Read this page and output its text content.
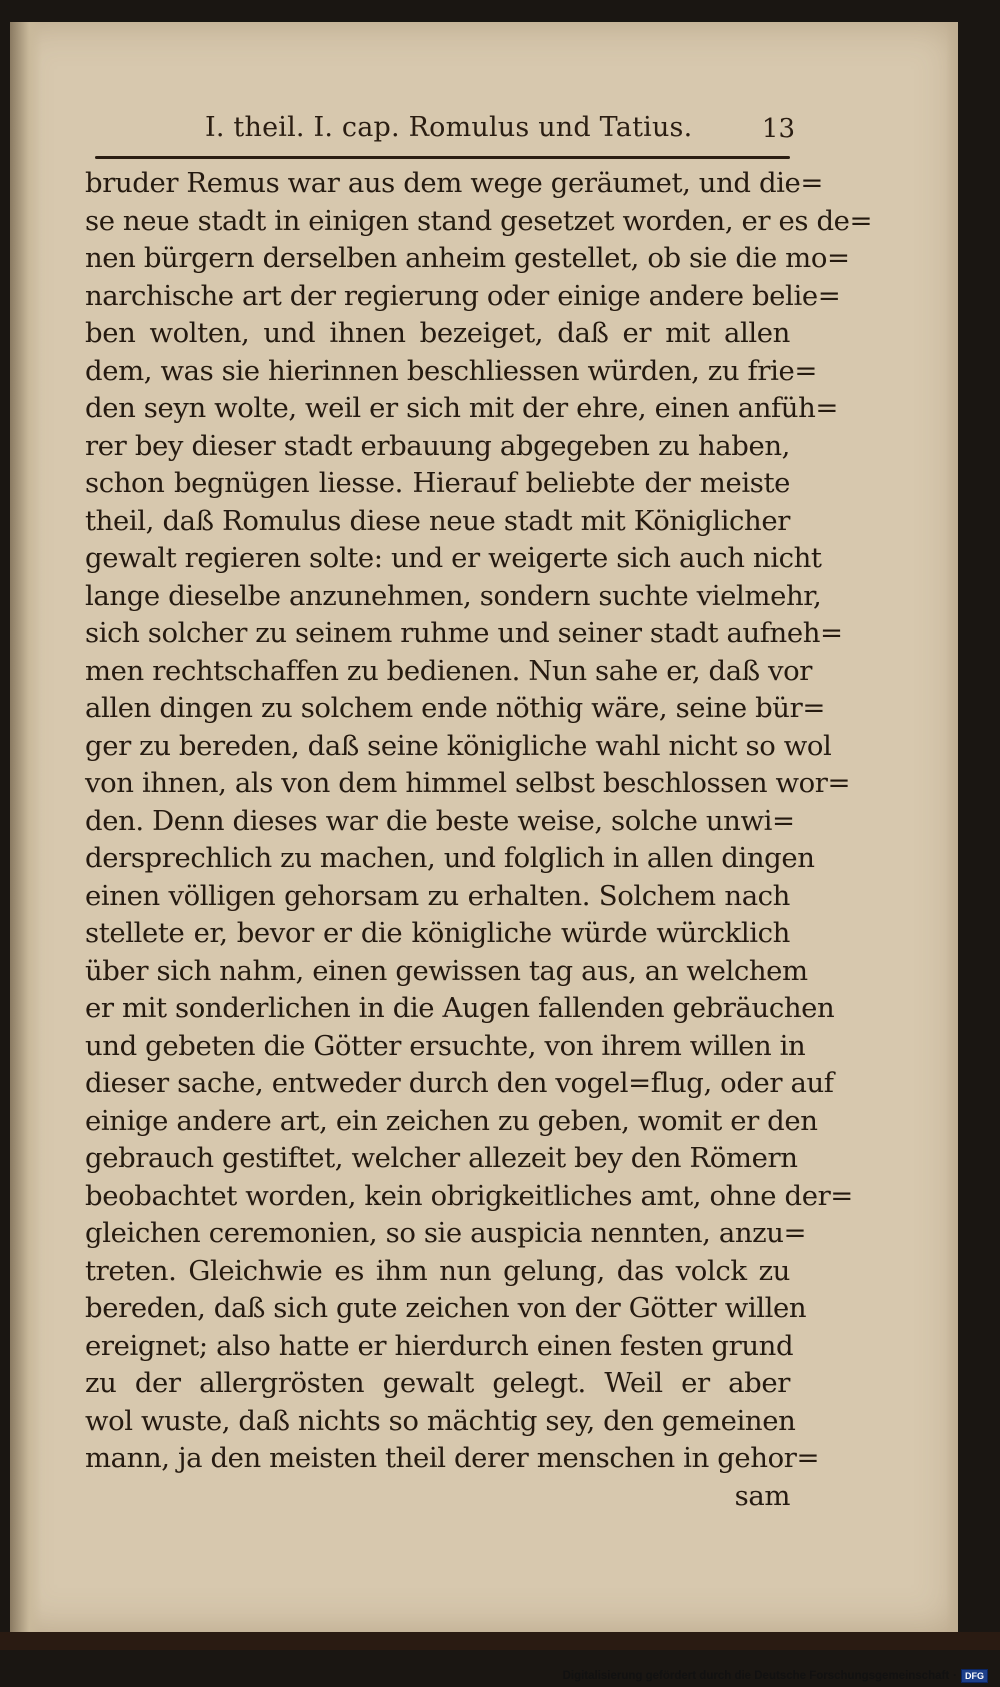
I. theil. I. cap. Romulus und Tatius.	13
bruder Remus war aus dem wege geräumet, und die=
se neue stadt in einigen stand gesetzet worden, er es de=
nen bürgern derselben anheim gestellet, ob sie die mo=
narchische art der regierung oder einige andere belie=
ben wolten, und ihnen bezeiget, daß er mit allen
dem, was sie hierinnen beschliessen würden, zu frie=
den seyn wolte, weil er sich mit der ehre, einen anfüh=
rer bey dieser stadt erbauung abgegeben zu haben,
schon begnügen liesse. Hierauf beliebte der meiste
theil, daß Romulus diese neue stadt mit Königlicher
gewalt regieren solte: und er weigerte sich auch nicht
lange dieselbe anzunehmen, sondern suchte vielmehr,
sich solcher zu seinem ruhme und seiner stadt aufneh=
men rechtschaffen zu bedienen. Nun sahe er, daß vor
allen dingen zu solchem ende nöthig wäre, seine bür=
ger zu bereden, daß seine königliche wahl nicht so wol
von ihnen, als von dem himmel selbst beschlossen wor=
den. Denn dieses war die beste weise, solche unwi=
dersprechlich zu machen, und folglich in allen dingen
einen völligen gehorsam zu erhalten. Solchem nach
stellete er, bevor er die königliche würde würcklich
über sich nahm, einen gewissen tag aus, an welchem
er mit sonderlichen in die Augen fallenden gebräuchen
und gebeten die Götter ersuchte, von ihrem willen in
dieser sache, entweder durch den vogel=flug, oder auf
einige andere art, ein zeichen zu geben, womit er den
gebrauch gestiftet, welcher allezeit bey den Römern
beobachtet worden, kein obrigkeitliches amt, ohne der=
gleichen ceremonien, so sie auspicia nennten, anzu=
treten. Gleichwie es ihm nun gelung, das volck zu
bereden, daß sich gute zeichen von der Götter willen
ereignet; also hatte er hierdurch einen festen grund
zu der allergrösten gewalt gelegt. Weil er aber
wol wuste, daß nichts so mächtig sey, den gemeinen
mann, ja den meisten theil derer menschen in gehor=
sam
Digitalisierung gefördert durch die Deutsche Forschungsgemeinschaft · DFG
